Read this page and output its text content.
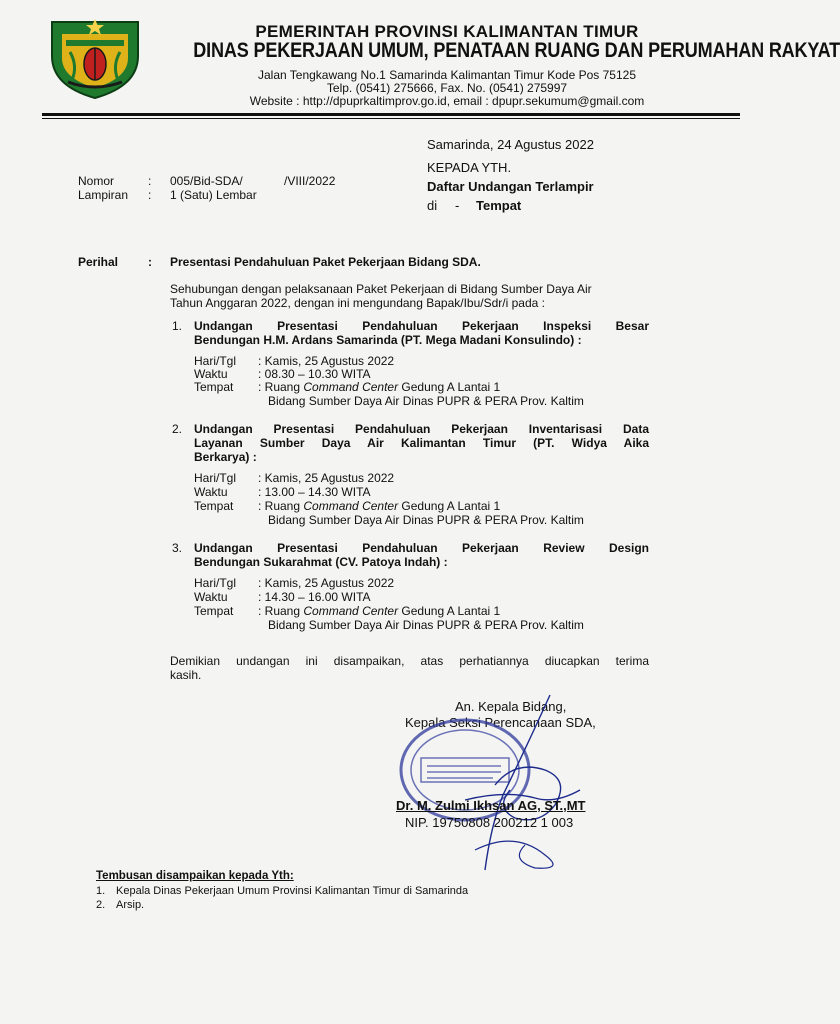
PEMERINTAH PROVINSI KALIMANTAN TIMUR
DINAS PEKERJAAN UMUM, PENATAAN RUANG DAN PERUMAHAN RAKYAT
Jalan Tengkawang No.1 Samarinda Kalimantan Timur Kode Pos 75125
Telp. (0541) 275666, Fax. No. (0541) 275997
Website : http://dpuprkaltimprov.go.id, email : dpupr.sekumum@gmail.com
Samarinda, 24 Agustus 2022
KEPADA YTH.
Daftar Undangan Terlampir
di - Tempat
Nomor	: 005/Bid-SDA/	/VIII/2022
Lampiran : 1 (Satu) Lembar
Perihal : Presentasi Pendahuluan Paket Pekerjaan Bidang SDA.
Sehubungan dengan pelaksanaan Paket Pekerjaan di Bidang Sumber Daya Air
Tahun Anggaran 2022, dengan ini mengundang Bapak/Ibu/Sdr/i pada :
1. Undangan Presentasi Pendahuluan Pekerjaan Inspeksi Besar
Bendungan H.M. Ardans Samarinda (PT. Mega Madani Konsulindo) :
Hari/Tgl : Kamis, 25 Agustus 2022
Waktu	: 08.30 – 10.30 WITA
Tempat : Ruang Command Center Gedung A Lantai 1
Bidang Sumber Daya Air Dinas PUPR & PERA Prov. Kaltim
2. Undangan Presentasi Pendahuluan Pekerjaan Inventarisasi Data
Layanan Sumber Daya Air Kalimantan Timur (PT. Widya Aika
Berkarya) :
Hari/Tgl : Kamis, 25 Agustus 2022
Waktu	: 13.00 – 14.30 WITA
Tempat : Ruang Command Center Gedung A Lantai 1
Bidang Sumber Daya Air Dinas PUPR & PERA Prov. Kaltim
3. Undangan Presentasi Pendahuluan Pekerjaan Review Design
Bendungan Sukarahmat (CV. Patoya Indah) :
Hari/Tgl : Kamis, 25 Agustus 2022
Waktu	: 14.30 – 16.00 WITA
Tempat : Ruang Command Center Gedung A Lantai 1
Bidang Sumber Daya Air Dinas PUPR & PERA Prov. Kaltim
Demikian undangan ini disampaikan, atas perhatiannya diucapkan terima
kasih.
An. Kepala Bidang,
Kepala Seksi Perencanaan SDA,
Dr. M. Zulmi Ikhsan AG, ST.,MT
NIP. 19750808 200212 1 003
Tembusan disampaikan kepada Yth:
1. Kepala Dinas Pekerjaan Umum Provinsi Kalimantan Timur di Samarinda
2. Arsip.
